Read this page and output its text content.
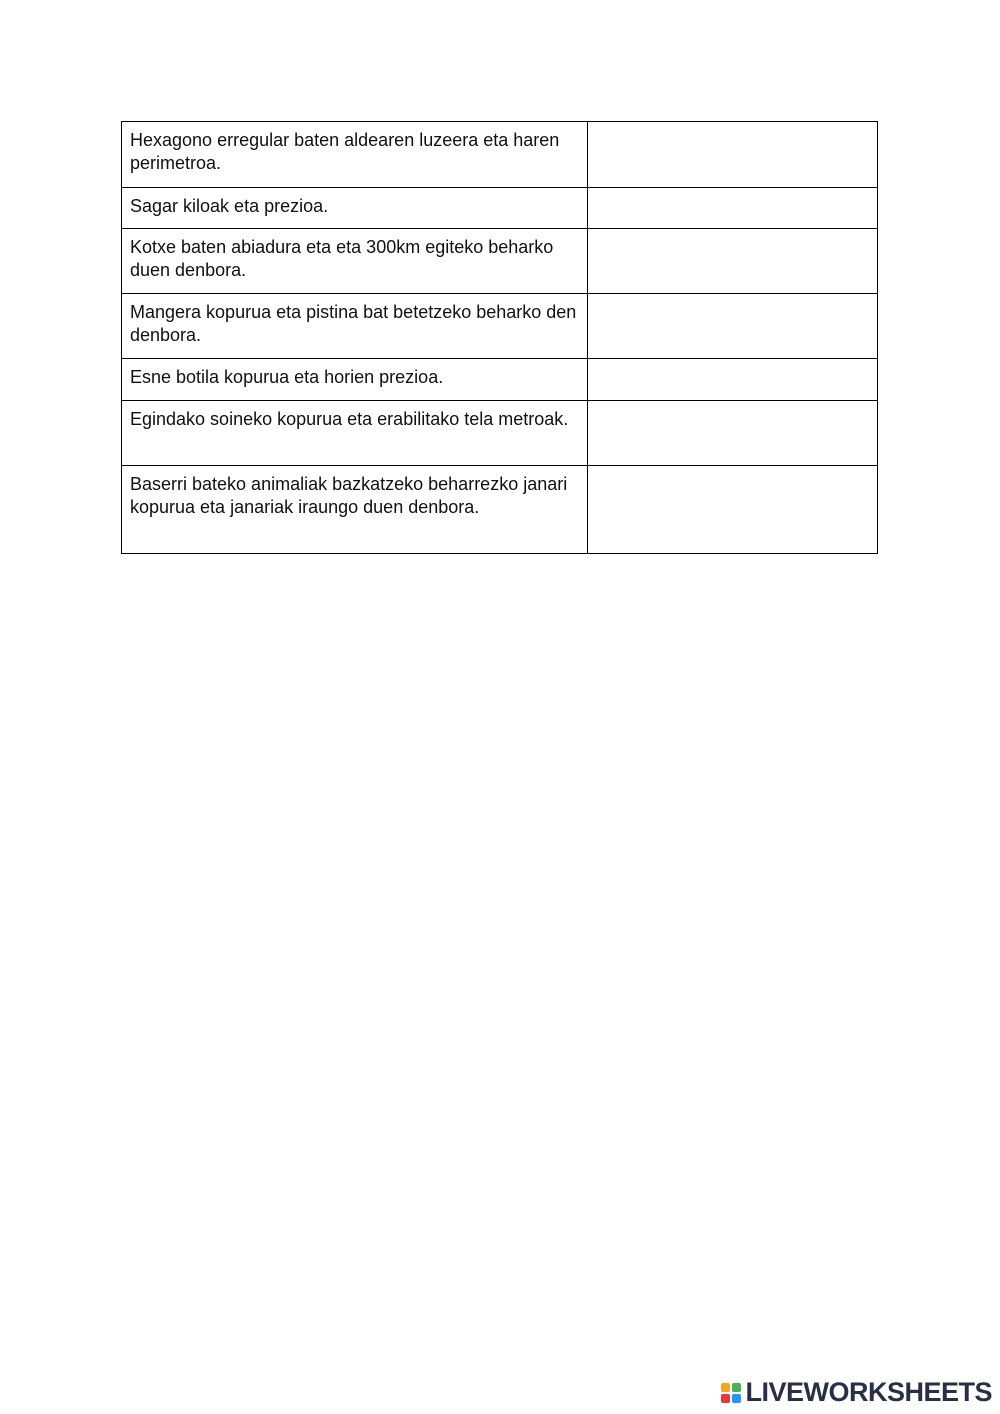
Hexagono erregular baten aldearen luzeera eta haren perimetroa.	
Sagar kiloak eta prezioa.	
Kotxe baten abiadura eta eta 300km egiteko beharko duen denbora.	
Mangera kopurua eta pistina bat betetzeko beharko den denbora.	
Esne botila kopurua eta horien prezioa.	
Egindako soineko kopurua eta erabilitako tela metroak.	
Baserri bateko animaliak bazkatzeko beharrezko janari kopurua eta janariak iraungo duen denbora.	
LIVEWORKSHEETS
